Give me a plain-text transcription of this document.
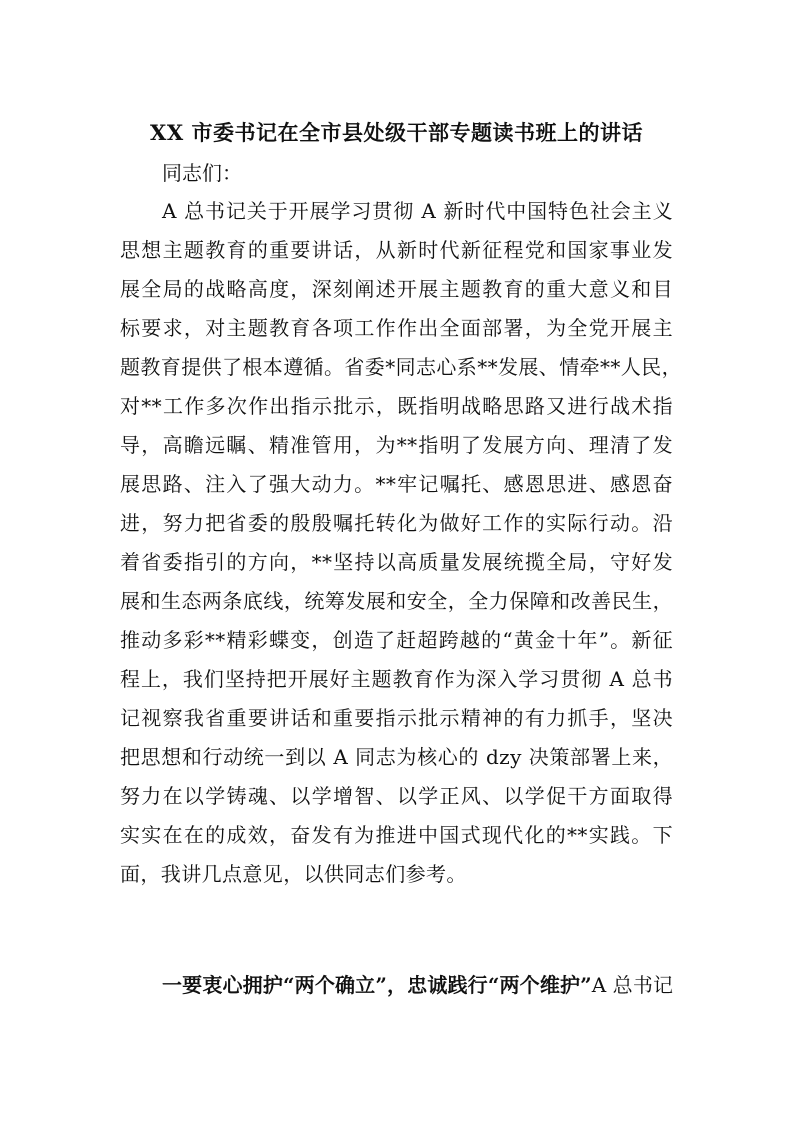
XX 市委书记在全市县处级干部专题读书班上的讲话
同志们：
A 总书记关于开展学习贯彻 A 新时代中国特色社会主义
思想主题教育的重要讲话，从新时代新征程党和国家事业发
展全局的战略高度，深刻阐述开展主题教育的重大意义和目
标要求，对主题教育各项工作作出全面部署，为全党开展主
题教育提供了根本遵循。省委*同志心系**发展、情牵**人民，
对**工作多次作出指示批示，既指明战略思路又进行战术指
导，高瞻远瞩、精准管用，为**指明了发展方向、理清了发
展思路、注入了强大动力。**牢记嘱托、感恩思进、感恩奋
进，努力把省委的殷殷嘱托转化为做好工作的实际行动。沿
着省委指引的方向，**坚持以高质量发展统揽全局，守好发
展和生态两条底线，统筹发展和安全，全力保障和改善民生，
推动多彩**精彩蝶变，创造了赶超跨越的“黄金十年”。新征
程上，我们坚持把开展好主题教育作为深入学习贯彻 A 总书
记视察我省重要讲话和重要指示批示精神的有力抓手，坚决
把思想和行动统一到以 A 同志为核心的 dzy 决策部署上来，
努力在以学铸魂、以学增智、以学正风、以学促干方面取得
实实在在的成效，奋发有为推进中国式现代化的**实践。下
面，我讲几点意见，以供同志们参考。
一要衷心拥护“两个确立”，忠诚践行“两个维护”A 总书记
